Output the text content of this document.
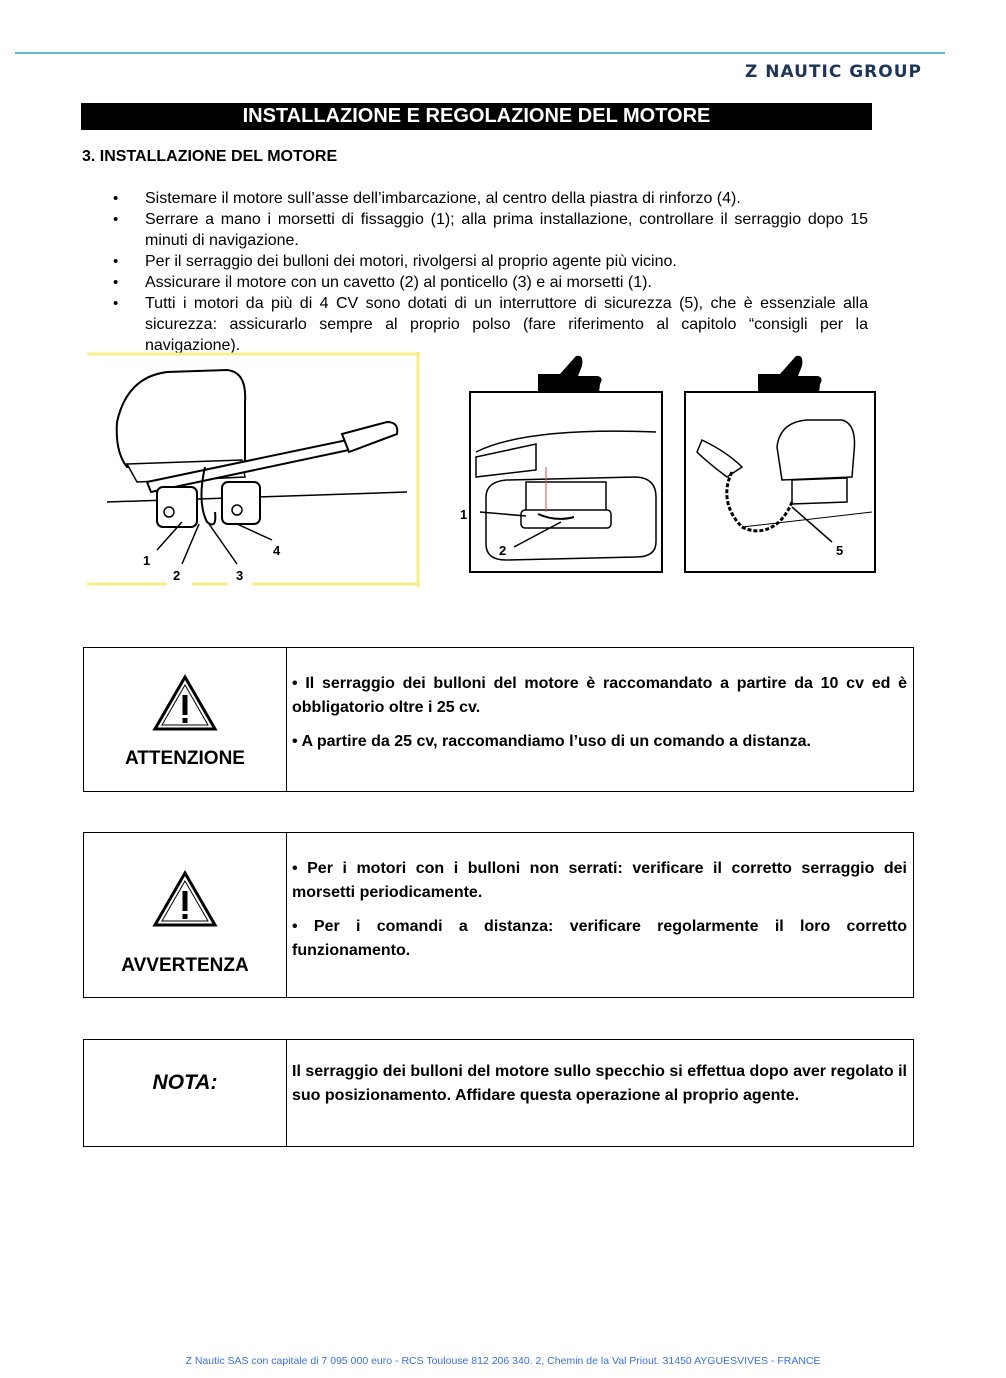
Z NAUTIC GROUP
INSTALLAZIONE E REGOLAZIONE DEL MOTORE
3. INSTALLAZIONE DEL MOTORE
• Sistemare il motore sull’asse dell’imbarcazione, al centro della piastra di rinforzo (4).
• Serrare a mano i morsetti di fissaggio (1); alla prima installazione, controllare il serraggio dopo 15 minuti di navigazione.
• Per il serraggio dei bulloni dei motori, rivolgersi al proprio agente più vicino.
• Assicurare il motore con un cavetto (2) al ponticello (3) e ai morsetti (1).
• Tutti i motori da più di 4 CV sono dotati di un interruttore di sicurezza (5), che è essenziale alla sicurezza: assicurarlo sempre al proprio polso (fare riferimento al capitolo “consigli per la navigazione).
1
2	3
4
1
2	5
ATTENZIONE

• Il serraggio dei bulloni del motore è raccomandato a partire da 10 cv ed è obbligatorio oltre i 25 cv.

• A partire da 25 cv, raccomandiamo l’uso di un comando a distanza.

AVVERTENZA

• Per i motori con i bulloni non serrati: verificare il corretto serraggio dei morsetti periodicamente.

• Per i comandi a distanza: verificare regolarmente il loro corretto funzionamento.

NOTA:	Il serraggio dei bulloni del motore sullo specchio si effettua dopo aver regolato il suo posizionamento. Affidare questa operazione al proprio agente.
Z Nautic SAS con capitale di 7 095 000 euro - RCS Toulouse 812 206 340. 2, Chemin de la Val Priout. 31450 AYGUESVIVES - FRANCE
